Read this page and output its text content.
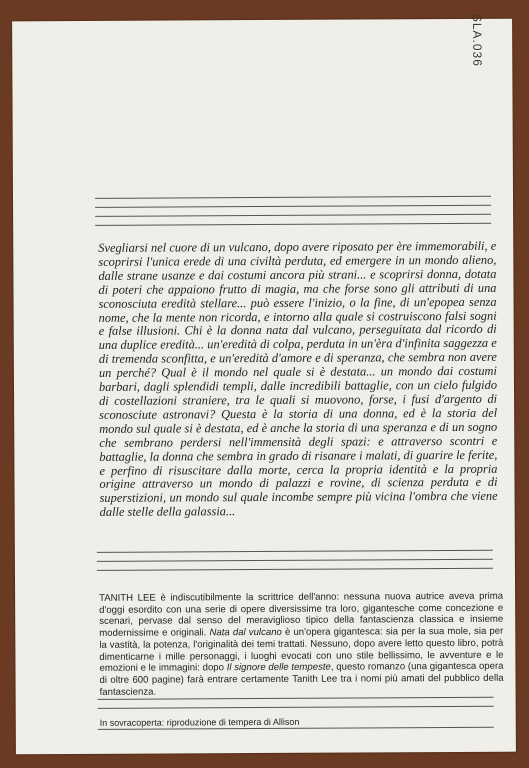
SLA.036

Svegliarsi nel cuore di un vulcano, dopo avere riposato per ère immemorabili, e scoprirsi l'unica erede di una civiltà perduta, ed emergere in un mondo alieno, dalle strane usanze e dai costumi ancora più strani... e scoprirsi donna, dotata di poteri che appaiono frutto di magia, ma che forse sono gli attributi di una sconosciuta eredità stellare... può essere l'inizio, o la fine, di un'epopea senza nome, che la mente non ricorda, e intorno alla quale si costruiscono falsi sogni e false illusioni. Chi è la donna nata dal vulcano, perseguitata dal ricordo di una duplice eredità... un'eredità di colpa, perduta in un'èra d'infinita saggezza e di tremenda sconfitta, e un'eredità d'amore e di speranza, che sembra non avere un perché? Qual è il mondo nel quale si è destata... un mondo dai costumi barbari, dagli splendidi templi, dalle incredibili battaglie, con un cielo fulgido di costellazioni straniere, tra le quali si muovono, forse, i fusi d'argento di sconosciute astronavi? Questa è la storia di una donna, ed è la storia del mondo sul quale si è destata, ed è anche la storia di una speranza e di un sogno che sembrano perdersi nell'immensità degli spazi: e attraverso scontri e battaglie, la donna che sembra in grado di risanare i malati, di guarire le ferite, e perfino di risuscitare dalla morte, cerca la propria identità e la propria origine attraverso un mondo di palazzi e rovine, di scienza perduta e di superstizioni, un mondo sul quale incombe sempre più vicina l'ombra che viene dalle stelle della galassia...

TANITH LEE è indiscutibilmente la scrittrice dell'anno: nessuna nuova autrice aveva prima d'oggi esordito con una serie di opere diversissime tra loro, gigantesche come concezione e scenari, pervase dal senso del meraviglioso tipico della fantascienza classica e insieme modernissime e originali. Nata dal vulcano è un'opera gigantesca: sia per la sua mole, sia per la vastità, la potenza, l'originalità dei temi trattati. Nessuno, dopo avere letto questo libro, potrà dimenticarne i mille personaggi, i luoghi evocati con uno stile bellissimo, le avventure e le emozioni e le immagini: dopo Il signore delle tempeste, questo romanzo (una gigantesca opera di oltre 600 pagine) farà entrare certamente Tanith Lee tra i nomi più amati del pubblico della fantascienza.

In sovracoperta: riproduzione di tempera di Allison
